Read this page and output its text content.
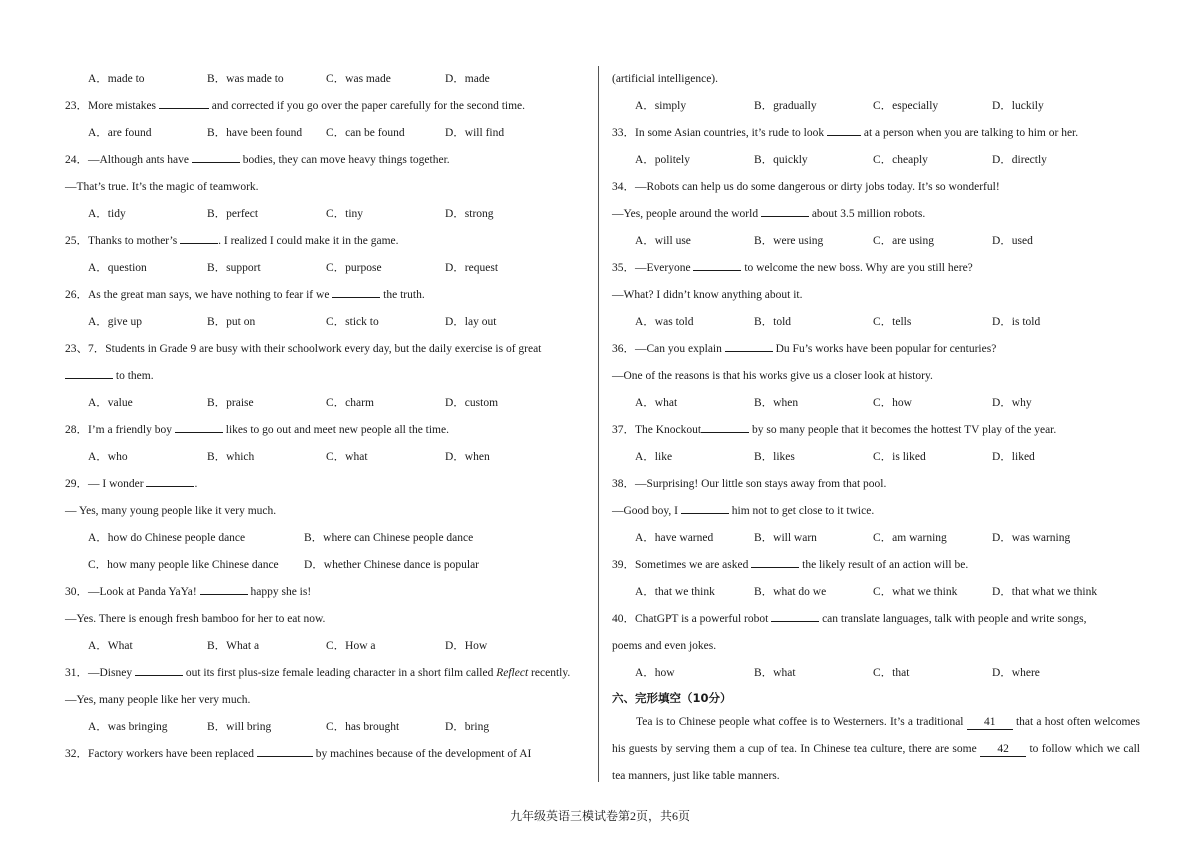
A．made to	B．was made to	C．was made	D．made
23．More mistakes	and corrected if you go over the paper carefully for the second time.
A．are found	B．have been found	C．can be found	D．will find
24．—Although ants have	bodies, they can move heavy things together.
—That’s true. It’s the magic of teamwork.
A．tidy	B．perfect	C．tiny	D．strong
25．Thanks to mother’s	. I realized I could make it in the game.
A．question	B．support	C．purpose	D．request
26．As the great man says, we have nothing to fear if we	the truth.
A．give up	B．put on	C．stick to	D．lay out
23、7．Students in Grade 9 are busy with their schoolwork every day, but the daily exercise is of great
to them.
A．value	B．praise	C．charm	D．custom
28．I’m a friendly boy	likes to go out and meet new people all the time.
A．who	B．which	C．what	D．when
29．— I wonder	.
— Yes, many young people like it very much.
A．how do Chinese people dance	B．where can Chinese people dance
C．how many people like Chinese dance	D．whether Chinese dance is popular
30．—Look at Panda YaYa!	happy she is!
—Yes. There is enough fresh bamboo for her to eat now.
A．What	B．What a	C．How a	D．How
31．—Disney	out its first plus-size female leading character in a short film called Reflect recently.
—Yes, many people like her very much.
A．was bringing	B．will bring	C．has brought	D．bring
32．Factory workers have been replaced	by machines because of the development of AI
(artificial intelligence).
A．simply	B．gradually	C．especially	D．luckily
33．In some Asian countries, it’s rude to look	at a person when you are talking to him or her.
A．politely	B．quickly	C．cheaply	D．directly
34．—Robots can help us do some dangerous or dirty jobs today. It’s so wonderful!
—Yes, people around the world	about 3.5 million robots.
A．will use	B．were using	C．are using	D．used
35．—Everyone	to welcome the new boss. Why are you still here?
—What? I didn’t know anything about it.
A．was told	B．told	C．tells	D．is told
36．—Can you explain	Du Fu’s works have been popular for centuries?
—One of the reasons is that his works give us a closer look at history.
A．what	B．when	C．how	D．why
37．The Knockout	by so many people that it becomes the hottest TV play of the year.
A．like	B．likes	C．is liked	D．liked
38．—Surprising! Our little son stays away from that pool.
—Good boy, I	him not to get close to it twice.
A．have warned	B．will warn	C．am warning	D．was warning
39．Sometimes we are asked	the likely result of an action will be.
A．that we think	B．what do we	C．what we think	D．that what we think
40．ChatGPT is a powerful robot	can translate languages, talk with people and write songs,
poems and even jokes.
A．how	B．what	C．that	D．where
六、完形填空（10分）
Tea is to Chinese people what coffee is to Westerners. It’s a traditional 41 that a host often welcomes his guests by serving them a cup of tea. In Chinese tea culture, there are some 42 to follow which we call tea manners, just like table manners.
九年级英语三模试卷第2页，共6页
